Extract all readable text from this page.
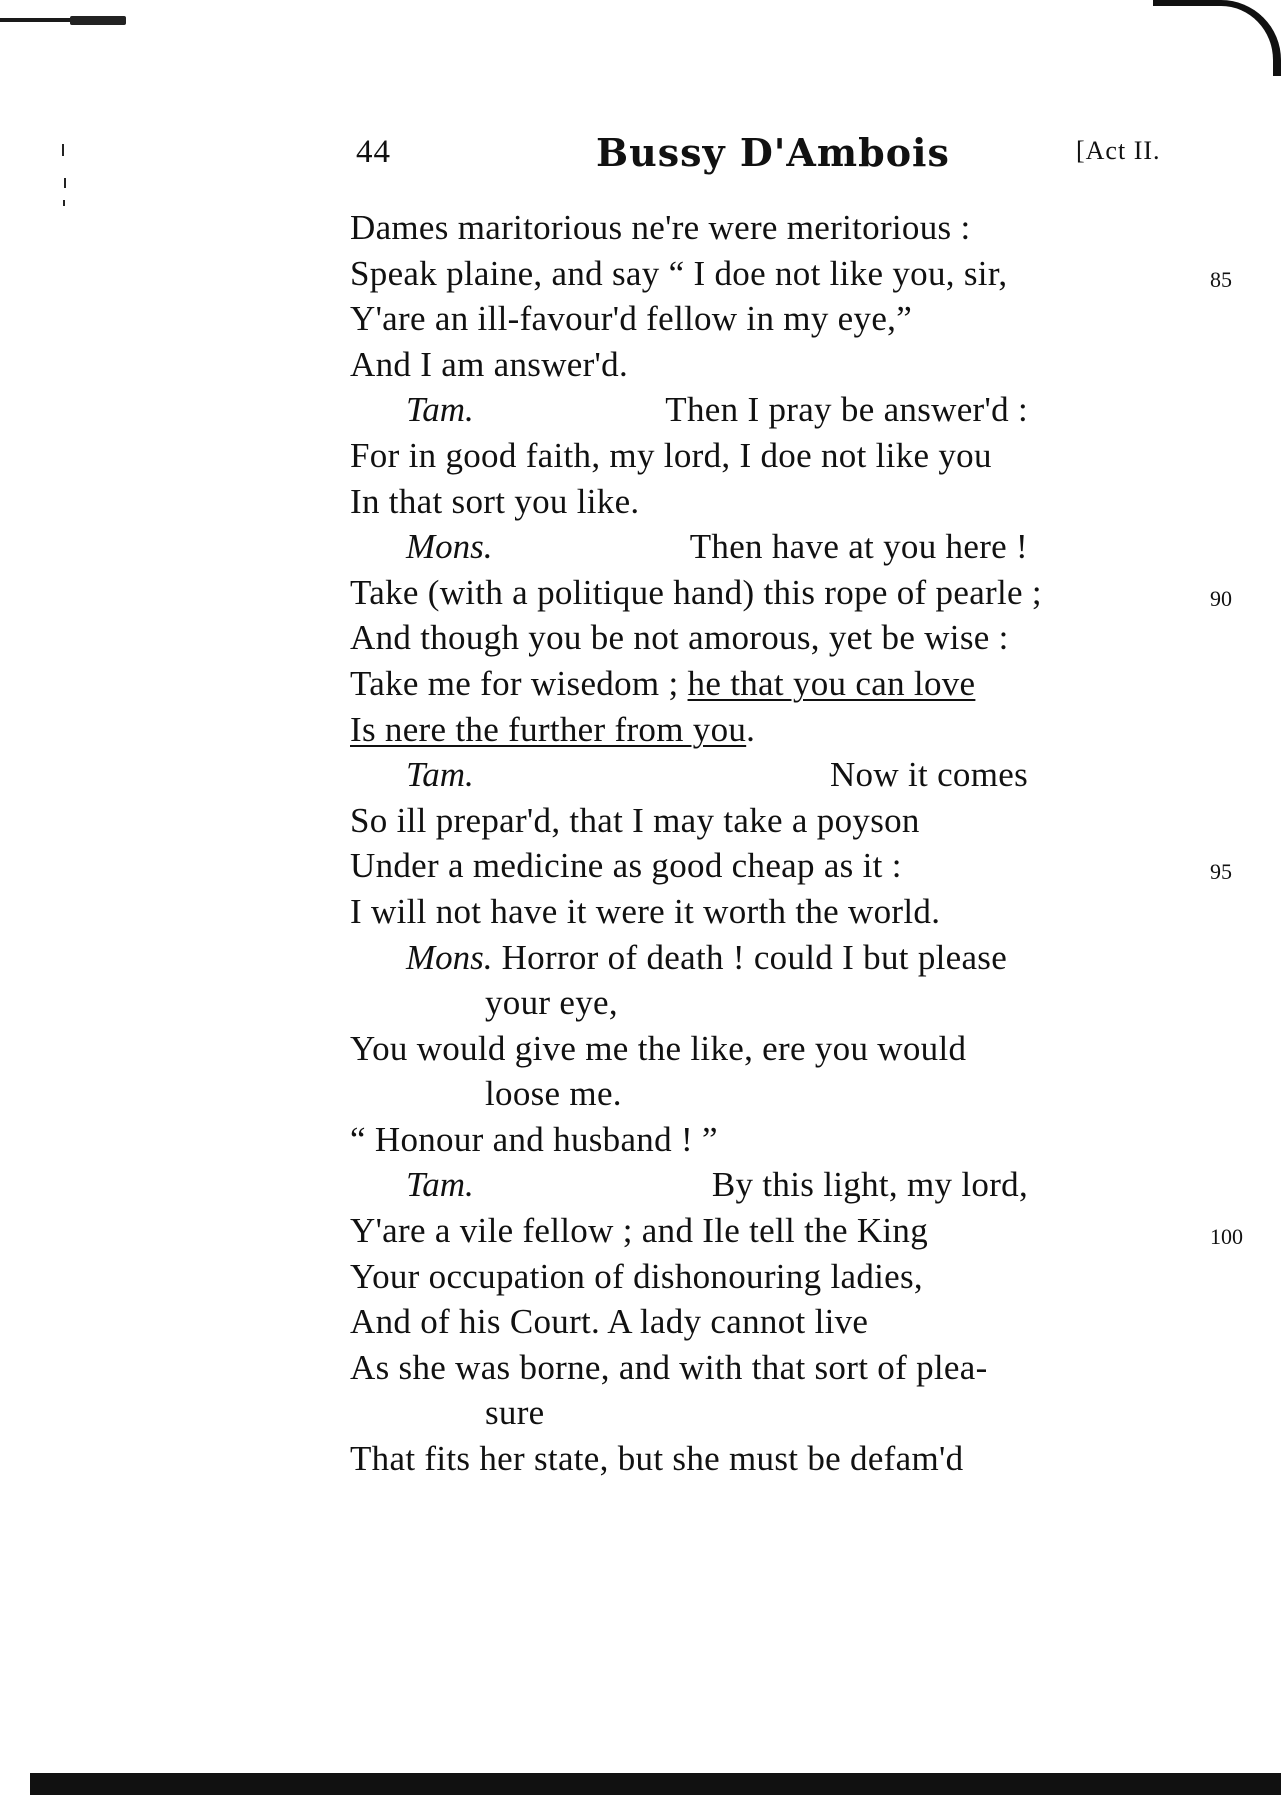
44	Bussy D'Ambois	[Act II.
Dames maritorious ne're were meritorious :
Speak plaine, and say “ I doe not like you, sir,	85
Y'are an ill-favour'd fellow in my eye,”
And I am answer'd.
Tam.	Then I pray be answer'd :
For in good faith, my lord, I doe not like you
In that sort you like.
Mons.	Then have at you here !
Take (with a politique hand) this rope of pearle ;	90
And though you be not amorous, yet be wise :
Take me for wisedom ; he that you can love
Is nere the further from you.
Tam.	Now it comes
So ill prepar'd, that I may take a poyson
Under a medicine as good cheap as it :	95
I will not have it were it worth the world.
Mons. Horror of death ! could I but please
your eye,
You would give me the like, ere you would
loose me.
“ Honour and husband ! ”
Tam.	By this light, my lord,
Y'are a vile fellow ; and Ile tell the King	100
Your occupation of dishonouring ladies,
And of his Court. A lady cannot live
As she was borne, and with that sort of plea-
sure
That fits her state, but she must be defam'd
